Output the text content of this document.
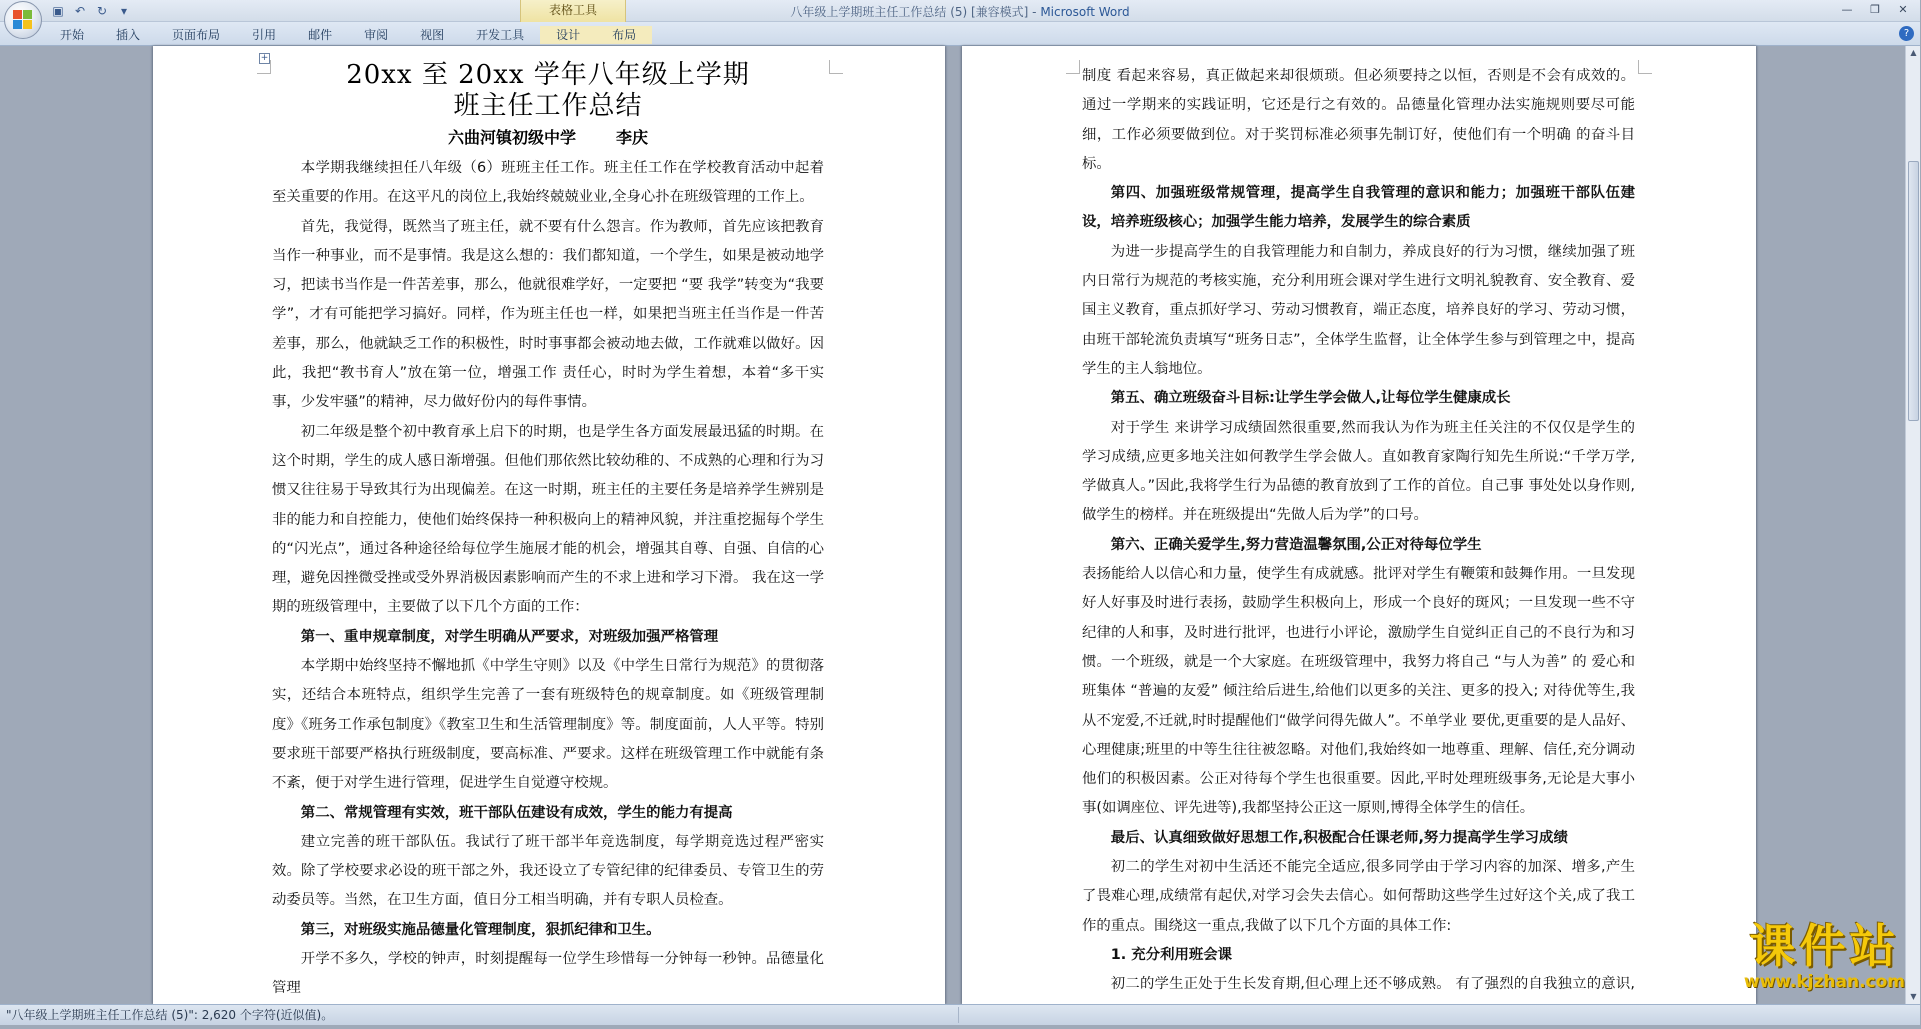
▣ ↶ ↻	▾	表格工具	八年级上学期班主任工作总结 (5) [兼容模式] - Microsoft Word	—	❐	✕
开始	插入	页面布局	引用	邮件	审阅	视图	开发工具	设计	布局	?
+
20xx 至 20xx 学年八年级上学期
班主任工作总结
六曲河镇初级中学	李庆
本学期我继续担任八年级（6）班班主任工作。班主任工作在学校教育活动中起着至关重要的作用。在这平凡的岗位上,我始终兢兢业业,全身心扑在班级管理的工作上。
首先，我觉得，既然当了班主任，就不要有什么怨言。作为教师，首先应该把教育当作一种事业，而不是事情。我是这么想的：我们都知道，一个学生，如果是被动地学习，把读书当作是一件苦差事，那么，他就很难学好，一定要把 “要 我学”转变为“我要学”，才有可能把学习搞好。同样，作为班主任也一样，如果把当班主任当作是一件苦差事，那么，他就缺乏工作的积极性，时时事事都会被动地去做，工作就难以做好。因此，我把“教书育人”放在第一位，增强工作 责任心，时时为学生着想，本着“多干实事，少发牢骚”的精神，尽力做好份内的每件事情。
初二年级是整个初中教育承上启下的时期，也是学生各方面发展最迅猛的时期。在这个时期，学生的成人感日渐增强。但他们那依然比较幼稚的、不成熟的心理和行为习惯又往往易于导致其行为出现偏差。在这一时期，班主任的主要任务是培养学生辨别是非的能力和自控能力，使他们始终保持一种积极向上的精神风貌，并注重挖掘每个学生的“闪光点”，通过各种途径给每位学生施展才能的机会，增强其自尊、自强、自信的心理，避免因挫微受挫或受外界消极因素影响而产生的不求上进和学习下滑。 我在这一学期的班级管理中，主要做了以下几个方面的工作：
第一、重申规章制度，对学生明确从严要求，对班级加强严格管理
本学期中始终坚持不懈地抓《中学生守则》以及《中学生日常行为规范》的贯彻落实，还结合本班特点，组织学生完善了一套有班级特色的规章制度。如《班级管理制度》《班务工作承包制度》《教室卫生和生活管理制度》等。制度面前，人人平等。特别要求班干部要严格执行班级制度，要高标准、严要求。这样在班级管理工作中就能有条不紊，便于对学生进行管理，促进学生自觉遵守校规。
第二、常规管理有实效，班干部队伍建设有成效，学生的能力有提高
建立完善的班干部队伍。我试行了班干部半年竞选制度，每学期竞选过程严密实效。除了学校要求必设的班干部之外，我还设立了专管纪律的纪律委员、专管卫生的劳动委员等。当然，在卫生方面，值日分工相当明确，并有专职人员检查。
第三，对班级实施品德量化管理制度，狠抓纪律和卫生。
开学不多久，学校的钟声，时刻提醒每一位学生珍惜每一分钟每一秒钟。品德量化管理
制度 看起来容易，真正做起来却很烦琐。但必须要持之以恒，否则是不会有成效的。 通过一学期来的实践证明，它还是行之有效的。品德量化管理办法实施规则要尽可能细，工作必须要做到位。对于奖罚标准必须事先制订好，使他们有一个明确 的奋斗目标。
第四、加强班级常规管理，提高学生自我管理的意识和能力；加强班干部队伍建设，培养班级核心；加强学生能力培养，发展学生的综合素质
为进一步提高学生的自我管理能力和自制力，养成良好的行为习惯，继续加强了班内日常行为规范的考核实施，充分利用班会课对学生进行文明礼貌教育、安全教育、爱国主义教育，重点抓好学习、劳动习惯教育，端正态度，培养良好的学习、劳动习惯，由班干部轮流负责填写“班务日志”，全体学生监督，让全体学生参与到管理之中，提高学生的主人翁地位。
第五、确立班级奋斗目标:让学生学会做人,让每位学生健康成长
对于学生 来讲学习成绩固然很重要,然而我认为作为班主任关注的不仅仅是学生的学习成绩,应更多地关注如何教学生学会做人。直如教育家陶行知先生所说:“千学万学,学做真人。”因此,我将学生行为品德的教育放到了工作的首位。自己事 事处处以身作则,做学生的榜样。并在班级提出“先做人后为学”的口号。
第六、正确关爱学生,努力营造温馨氛围,公正对待每位学生
表扬能给人以信心和力量，使学生有成就感。批评对学生有鞭策和鼓舞作用。一旦发现好人好事及时进行表扬，鼓励学生积极向上，形成一个良好的斑风；一旦发现一些不守纪律的人和事，及时进行批评，也进行小评论，激励学生自觉纠正自己的不良行为和习惯。一个班级，就是一个大家庭。在班级管理中，我努力将自己 “与人为善” 的 爱心和班集体 “普遍的友爱” 倾注给后进生,给他们以更多的关注、更多的投入; 对待优等生,我从不宠爱,不迁就,时时提醒他们“做学问得先做人”。不单学业 要优,更重要的是人品好、心理健康;班里的中等生往往被忽略。对他们,我始终如一地尊重、理解、信任,充分调动他们的积极因素。公正对待每个学生也很重要。因此,平时处理班级事务,无论是大事小事(如调座位、评先进等),我都坚持公正这一原则,博得全体学生的信任。
最后、认真细致做好思想工作,积极配合任课老师,努力提高学生学习成绩
初二的学生对初中生活还不能完全适应,很多同学由于学习内容的加深、增多,产生了畏难心理,成绩常有起伏,对学习会失去信心。如何帮助这些学生过好这个关,成了我工作的重点。围绕这一重点,我做了以下几个方面的具体工作:
1. 充分利用班会课
初二的学生正处于生长发育期,但心理上还不够成熟。 有了强烈的自我独立的意识,
▲
▼
"八年级上学期班主任工作总结 (5)": 2,620 个字符(近似值)。
课件站
www.kjzhan.com
